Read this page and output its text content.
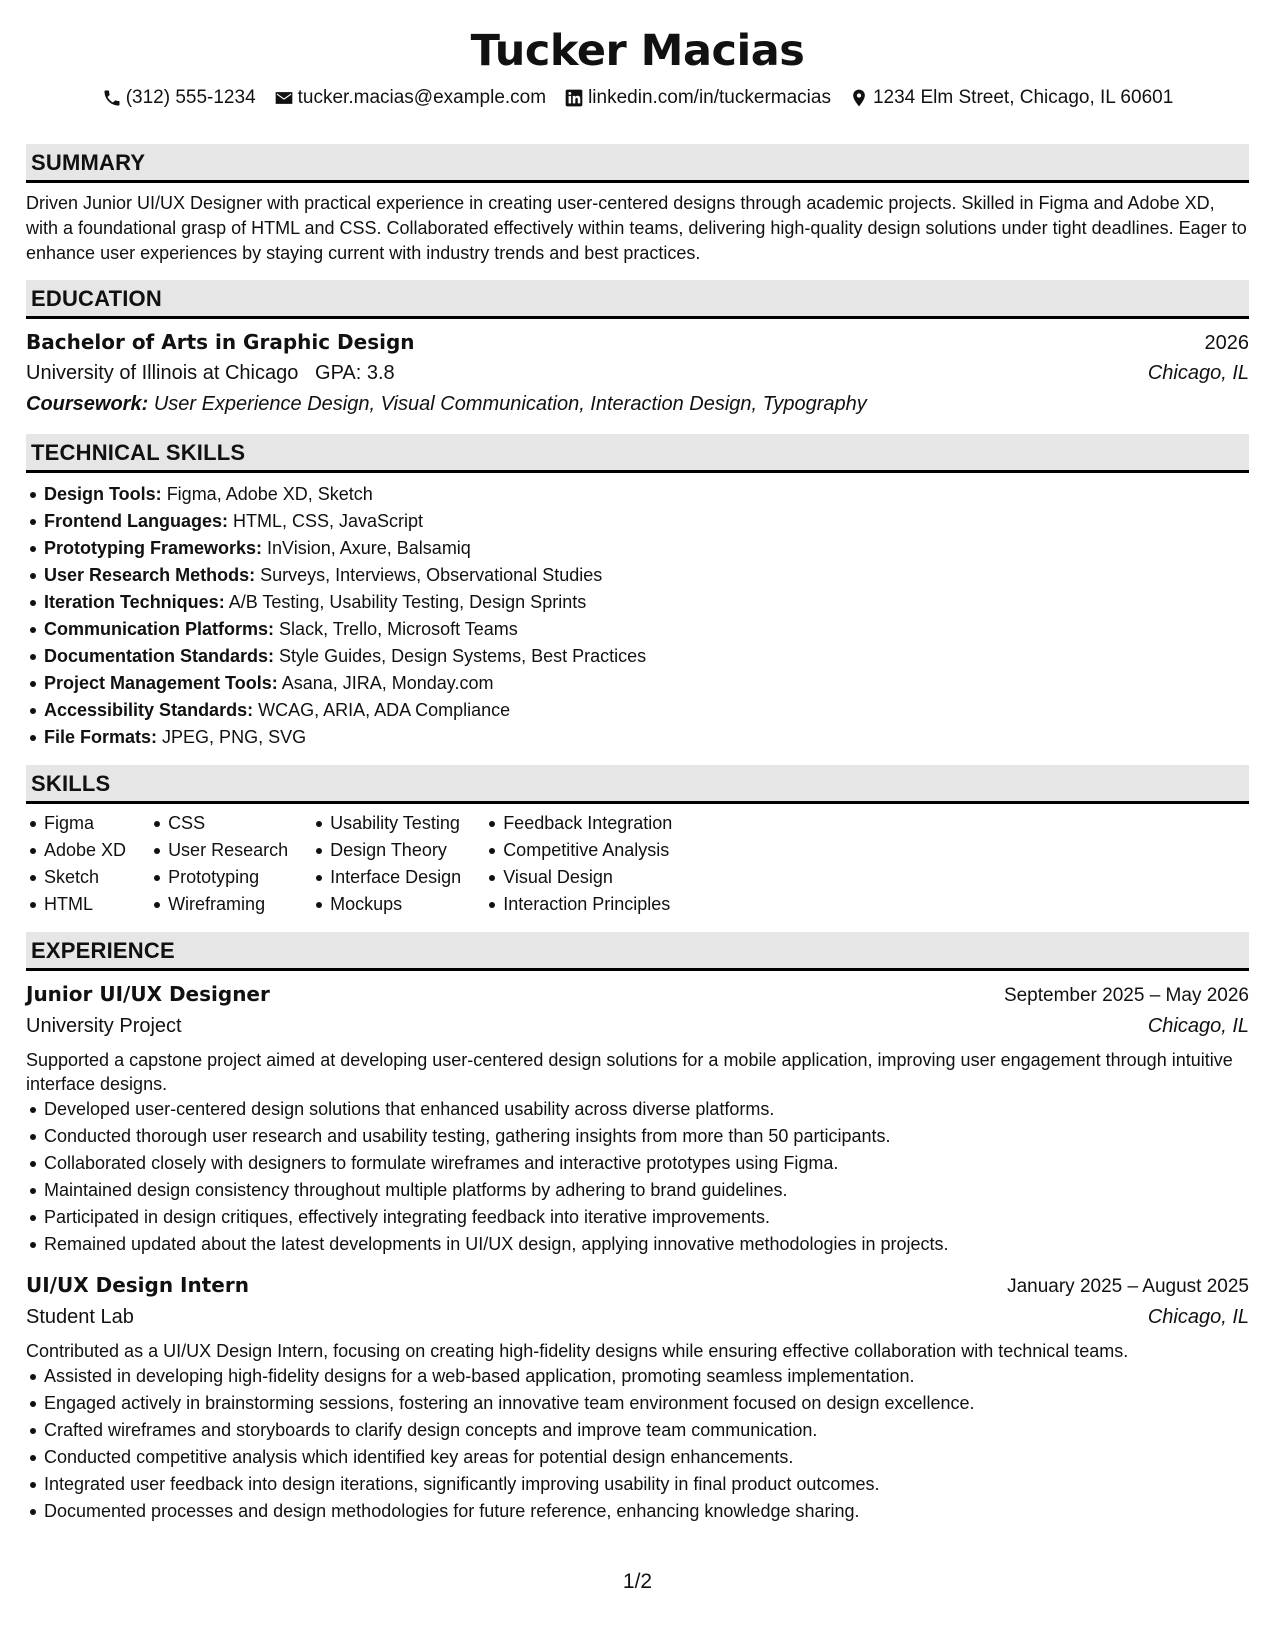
Tucker Macias
(312) 555-1234 tucker.macias@example.com linkedin.com/in/tuckermacias 1234 Elm Street, Chicago, IL 60601
SUMMARY
Driven Junior UI/UX Designer with practical experience in creating user-centered designs through academic projects. Skilled in Figma and Adobe XD, with a foundational grasp of HTML and CSS. Collaborated effectively within teams, delivering high-quality design solutions under tight deadlines. Eager to enhance user experiences by staying current with industry trends and best practices.
EDUCATION
Bachelor of Arts in Graphic Design	2026
University of Illinois at Chicago GPA: 3.8	Chicago, IL
Coursework: User Experience Design, Visual Communication, Interaction Design, Typography
TECHNICAL SKILLS
Design Tools: Figma, Adobe XD, Sketch
Frontend Languages: HTML, CSS, JavaScript
Prototyping Frameworks: InVision, Axure, Balsamiq
User Research Methods: Surveys, Interviews, Observational Studies
Iteration Techniques: A/B Testing, Usability Testing, Design Sprints
Communication Platforms: Slack, Trello, Microsoft Teams
Documentation Standards: Style Guides, Design Systems, Best Practices
Project Management Tools: Asana, JIRA, Monday.com
Accessibility Standards: WCAG, ARIA, ADA Compliance
File Formats: JPEG, PNG, SVG
SKILLS
Figma
Adobe XD
Sketch
HTML
CSS
User Research
Prototyping
Wireframing
Usability Testing
Design Theory
Interface Design
Mockups
Feedback Integration
Competitive Analysis
Visual Design
Interaction Principles
EXPERIENCE
Junior UI/UX Designer	September 2025 – May 2026
University Project	Chicago, IL
Supported a capstone project aimed at developing user-centered design solutions for a mobile application, improving user engagement through intuitive interface designs.
Developed user-centered design solutions that enhanced usability across diverse platforms.
Conducted thorough user research and usability testing, gathering insights from more than 50 participants.
Collaborated closely with designers to formulate wireframes and interactive prototypes using Figma.
Maintained design consistency throughout multiple platforms by adhering to brand guidelines.
Participated in design critiques, effectively integrating feedback into iterative improvements.
Remained updated about the latest developments in UI/UX design, applying innovative methodologies in projects.
UI/UX Design Intern	January 2025 – August 2025
Student Lab	Chicago, IL
Contributed as a UI/UX Design Intern, focusing on creating high-fidelity designs while ensuring effective collaboration with technical teams.
Assisted in developing high-fidelity designs for a web-based application, promoting seamless implementation.
Engaged actively in brainstorming sessions, fostering an innovative team environment focused on design excellence.
Crafted wireframes and storyboards to clarify design concepts and improve team communication.
Conducted competitive analysis which identified key areas for potential design enhancements.
Integrated user feedback into design iterations, significantly improving usability in final product outcomes.
Documented processes and design methodologies for future reference, enhancing knowledge sharing.
1/2
